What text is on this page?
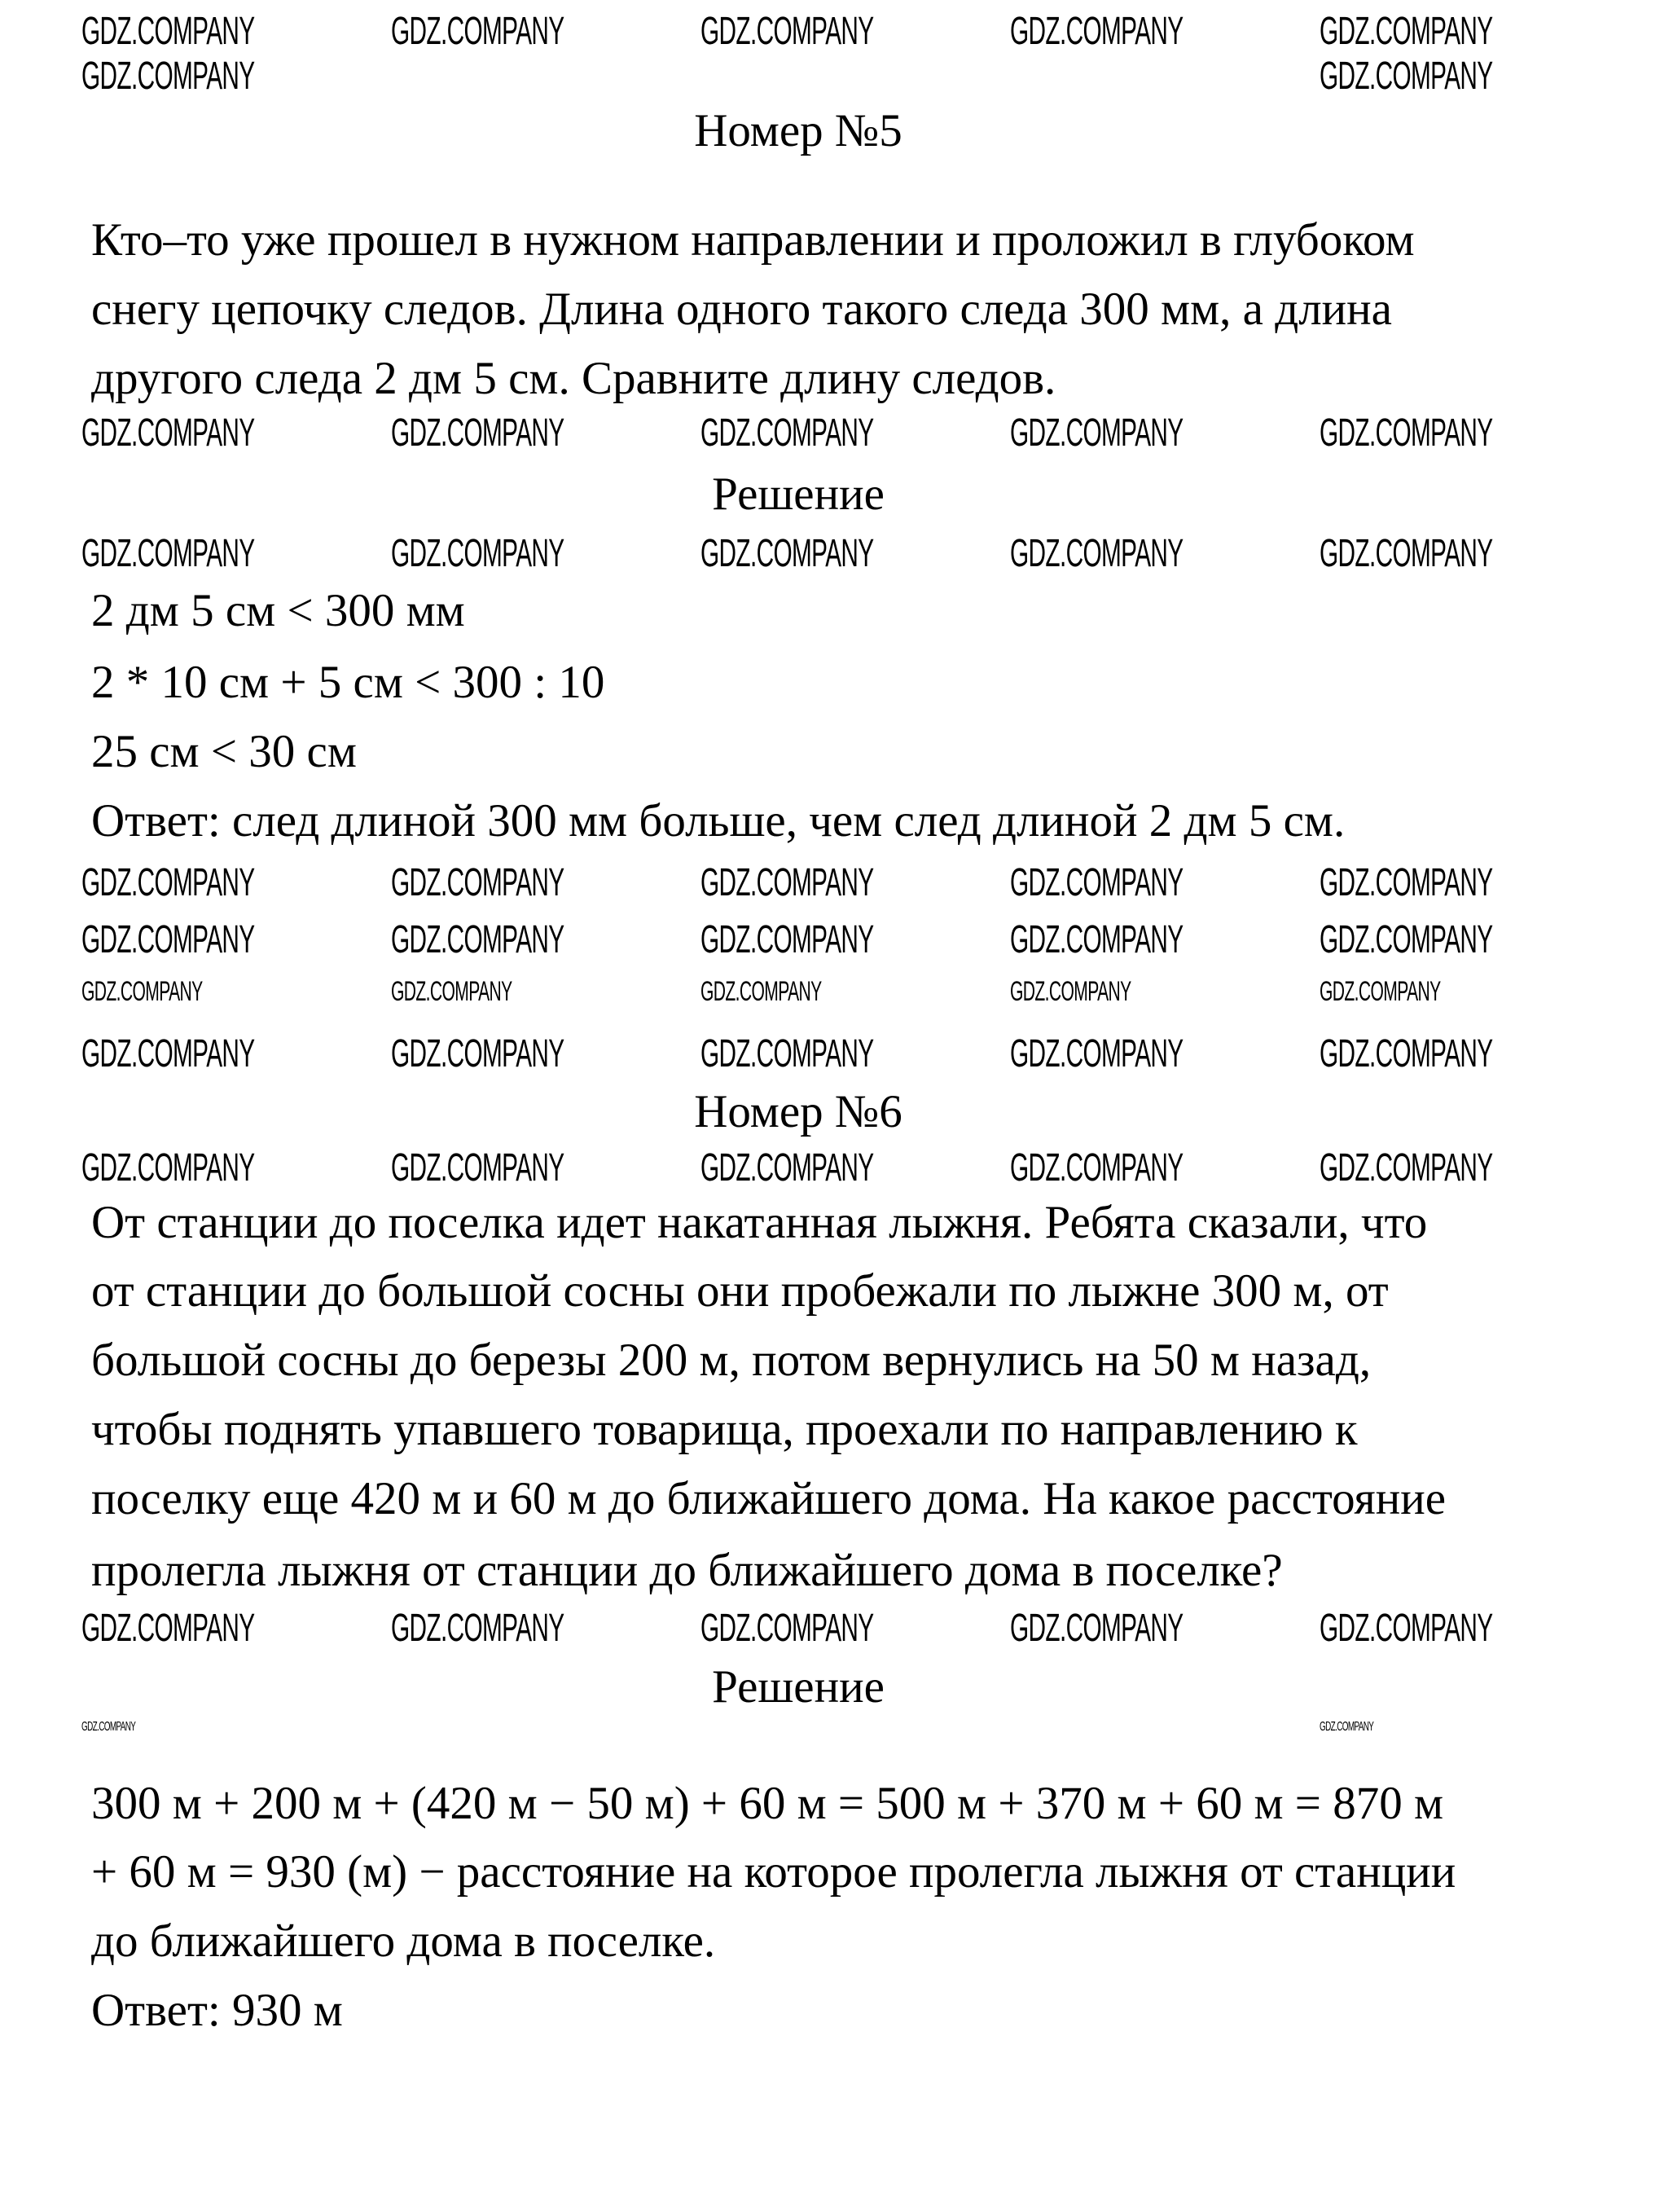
GDZ.COMPANY	GDZ.COMPANY	GDZ.COMPANY	GDZ.COMPANY	GDZ.COMPANY
GDZ.COMPANY	GDZ.COMPANY
GDZ.COMPANY	GDZ.COMPANY	GDZ.COMPANY	GDZ.COMPANY	GDZ.COMPANY
GDZ.COMPANY	GDZ.COMPANY	GDZ.COMPANY	GDZ.COMPANY	GDZ.COMPANY
GDZ.COMPANY	GDZ.COMPANY	GDZ.COMPANY	GDZ.COMPANY	GDZ.COMPANY
GDZ.COMPANY	GDZ.COMPANY	GDZ.COMPANY	GDZ.COMPANY	GDZ.COMPANY
GDZ.COMPANY	GDZ.COMPANY	GDZ.COMPANY	GDZ.COMPANY	GDZ.COMPANY
GDZ.COMPANY	GDZ.COMPANY	GDZ.COMPANY	GDZ.COMPANY	GDZ.COMPANY
GDZ.COMPANY	GDZ.COMPANY	GDZ.COMPANY	GDZ.COMPANY	GDZ.COMPANY
GDZ.COMPANY	GDZ.COMPANY	GDZ.COMPANY	GDZ.COMPANY	GDZ.COMPANY
GDZ.COMPANY	GDZ.COMPANY
Номер №5
Кто–то уже прошел в нужном направлении и проложил в глубоком
снегу цепочку следов. Длина одного такого следа 300 мм, а длина
другого следа 2 дм 5 см. Сравните длину следов.
Решение
2 дм 5 см < 300 мм
2 * 10 см + 5 см < 300 : 10
25 см < 30 см
Ответ: след длиной 300 мм больше, чем след длиной 2 дм 5 см.
Номер №6
От станции до поселка идет накатанная лыжня. Ребята сказали, что
от станции до большой сосны они пробежали по лыжне 300 м, от
большой сосны до березы 200 м, потом вернулись на 50 м назад,
чтобы поднять упавшего товарища, проехали по направлению к
поселку еще 420 м и 60 м до ближайшего дома. На какое расстояние
пролегла лыжня от станции до ближайшего дома в поселке?
Решение
300 м + 200 м + (420 м − 50 м) + 60 м = 500 м + 370 м + 60 м = 870 м
+ 60 м = 930 (м) − расстояние на которое пролегла лыжня от станции
до ближайшего дома в поселке.
Ответ: 930 м
